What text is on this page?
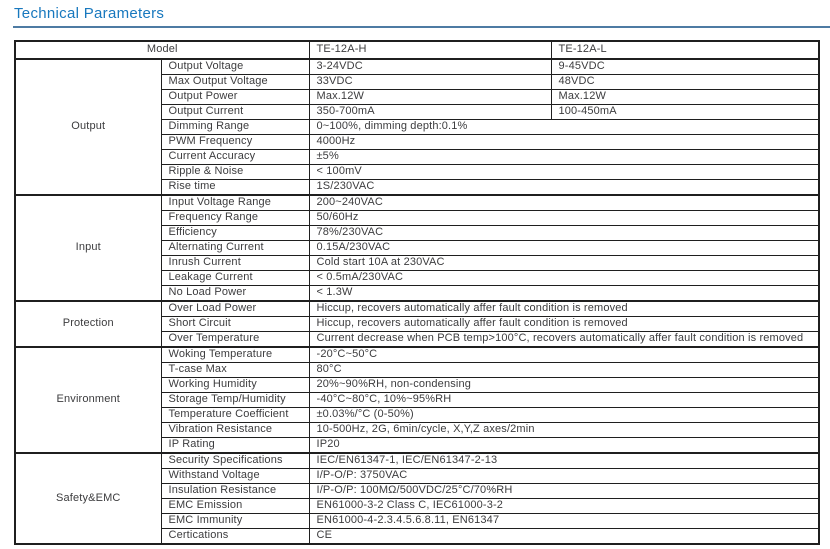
Technical Parameters
Model		TE-12A-H	TE-12A-L
Output	Output Voltage	3-24VDC	9-45VDC
	Max Output Voltage	33VDC	48VDC
	Output Power	Max.12W	Max.12W
	Output Current	350-700mA	100-450mA
	Dimming Range	0~100%, dimming depth:0.1%	
	PWM Frequency	4000Hz	
	Current Accuracy	±5%	
	Ripple & Noise	< 100mV	
	Rise time	1S/230VAC	
Input	Input Voltage Range	200~240VAC	
	Frequency Range	50/60Hz	
	Efficiency	78%/230VAC	
	Alternating Current	0.15A/230VAC	
	Inrush Current	Cold start 10A at 230VAC	
	Leakage Current	< 0.5mA/230VAC	
	No Load Power	< 1.3W	
Protection	Over Load Power	Hiccup, recovers automatically affer fault condition is removed	
	Short Circuit	Hiccup, recovers automatically affer fault condition is removed	
	Over Temperature	Current decrease when PCB temp>100°C, recovers automatically affer fault condition is removed	
Environment	Woking Temperature	-20°C~50°C	
	T-case Max	80°C	
	Working Humidity	20%~90%RH, non-condensing	
	Storage Temp/Humidity	-40°C~80°C, 10%~95%RH	
	Temperature Coefficient	±0.03%/°C (0-50%)	
	Vibration Resistance	10-500Hz, 2G, 6min/cycle, X,Y,Z axes/2min	
	IP Rating	IP20	
Safety&EMC	Security Specifications	IEC/EN61347-1, IEC/EN61347-2-13	
	Withstand Voltage	I/P-O/P: 3750VAC	
	Insulation Resistance	I/P-O/P: 100MΩ/500VDC/25°C/70%RH	
	EMC Emission	EN61000-3-2 Class C, IEC61000-3-2	
	EMC Immunity	EN61000-4-2.3.4.5.6.8.11, EN61347	
	Certications	CE	
